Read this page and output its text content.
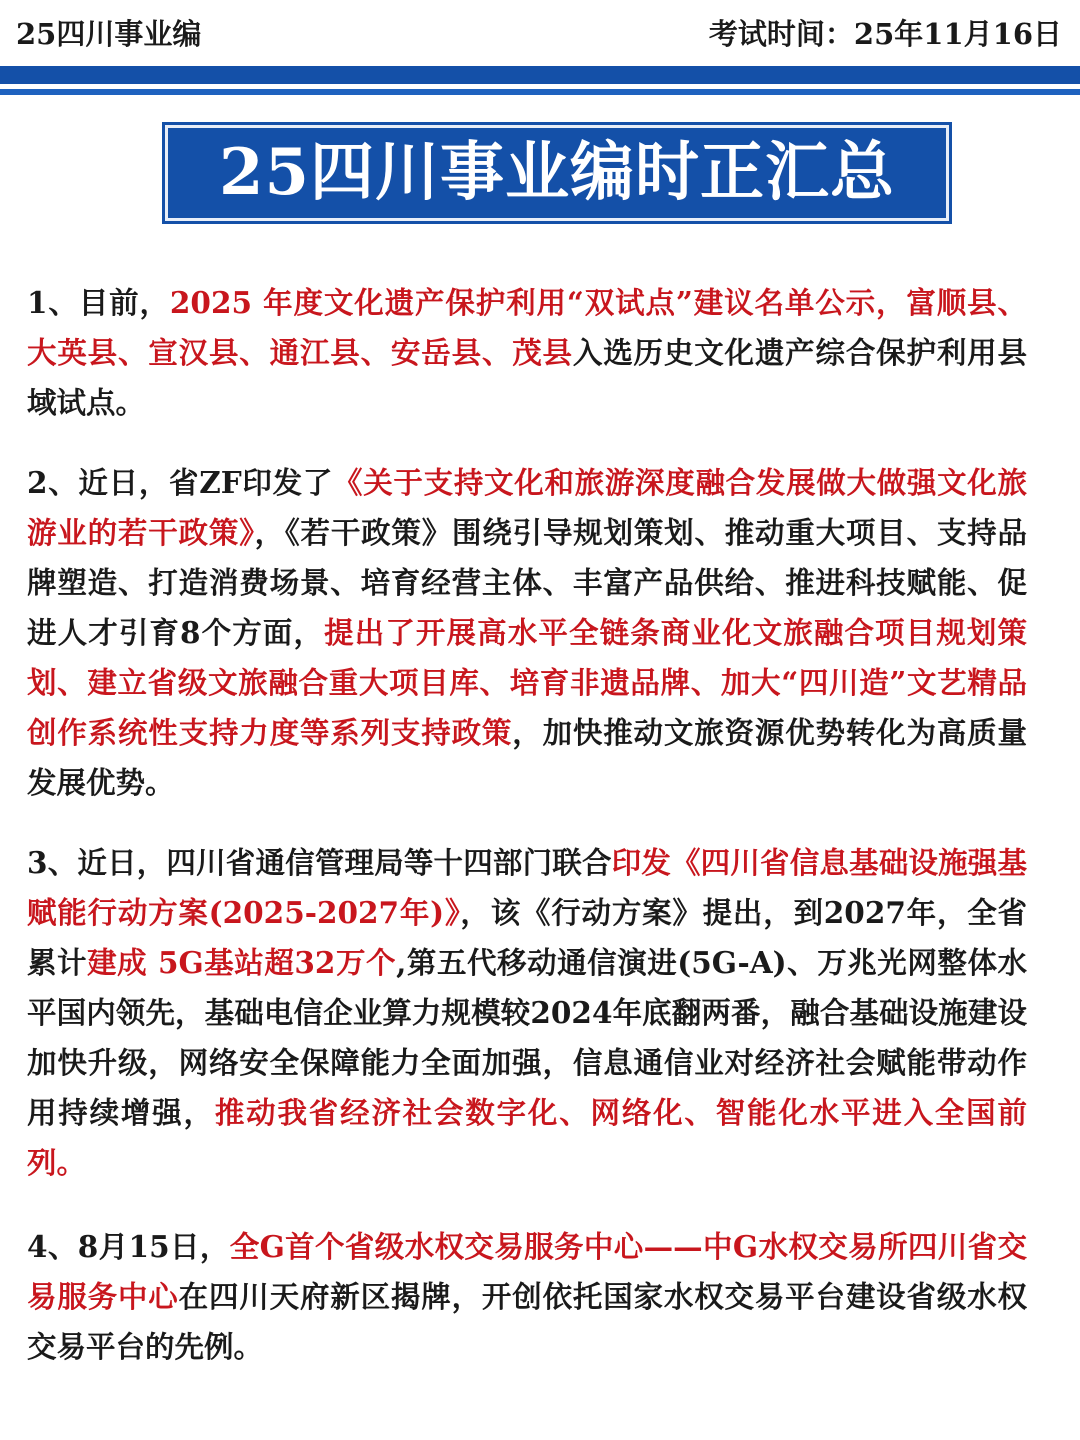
25四川事业编	考试时间：25年11月16日
25四川事业编时正汇总

1、目前，2025 年度文化遗产保护利用“双试点”建议名单公示，富顺县、大英县、宣汉县、通江县、安岳县、茂县入选历史文化遗产综合保护利用县域试点。

2、近日，省ZF印发了《关于支持文化和旅游深度融合发展做大做强文化旅游业的若干政策》，《若干政策》围绕引导规划策划、推动重大项目、支持品牌塑造、打造消费场景、培育经营主体、丰富产品供给、推进科技赋能、促进人才引育8个方面，提出了开展高水平全链条商业化文旅融合项目规划策划、建立省级文旅融合重大项目库、培育非遗品牌、加大“四川造”文艺精品创作系统性支持力度等系列支持政策，加快推动文旅资源优势转化为高质量发展优势。

3、近日，四川省通信管理局等十四部门联合印发《四川省信息基础设施强基赋能行动方案(2025-2027年)》，该《行动方案》提出，到2027年，全省累计建成 5G基站超32万个,第五代移动通信演进(5G-A)、万兆光网整体水平国内领先，基础电信企业算力规模较2024年底翻两番，融合基础设施建设加快升级，网络安全保障能力全面加强，信息通信业对经济社会赋能带动作用持续增强，推动我省经济社会数字化、网络化、智能化水平进入全国前列。

4、8月15日，全G首个省级水权交易服务中心——中G水权交易所四川省交易服务中心在四川天府新区揭牌，开创依托国家水权交易平台建设省级水权交易平台的先例。
